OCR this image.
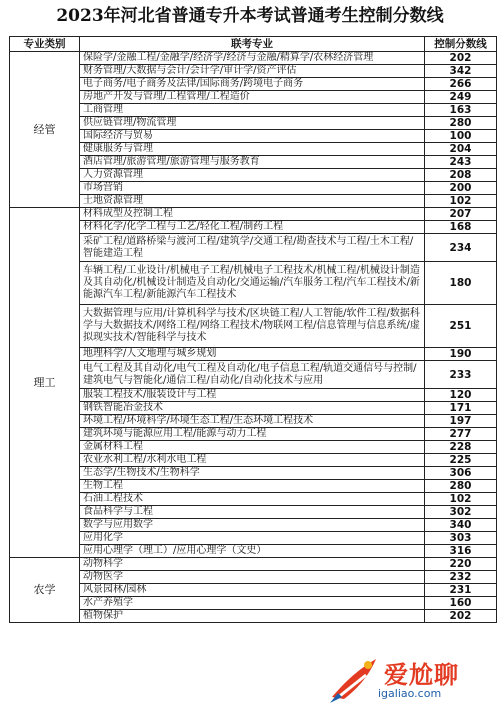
2023年河北省普通专升本考试普通考生控制分数线
专业类别	联考专业	控制分数线
经管	保险学/金融工程/金融学/经济学/经济与金融/精算学/农林经济管理	202
	财务管理/大数据与会计/会计学/审计学/资产评估	342
	电子商务/电子商务及法律/国际商务/跨境电子商务	266
	房地产开发与管理/工程管理/工程造价	249
	工商管理	163
	供应链管理/物流管理	280
	国际经济与贸易	100
	健康服务与管理	204
	酒店管理/旅游管理/旅游管理与服务教育	243
	人力资源管理	208
	市场营销	200
	土地资源管理	102
理工	材料成型及控制工程	207
	材料化学/化学工程与工艺/轻化工程/制药工程	168
	采矿工程/道路桥梁与渡河工程/建筑学/交通工程/勘查技术与工程/土木工程/智能建造工程	234
	车辆工程/工业设计/机械电子工程/机械电子工程技术/机械工程/机械设计制造及其自动化/机械设计制造及自动化/交通运输/汽车服务工程/汽车工程技术/新能源汽车工程/新能源汽车工程技术	180
	大数据管理与应用/计算机科学与技术/区块链工程/人工智能/软件工程/数据科学与大数据技术/网络工程/网络工程技术/物联网工程/信息管理与信息系统/虚拟现实技术/智能科学与技术	251
	地理科学/人文地理与城乡规划	190
	电气工程及其自动化/电气工程及自动化/电子信息工程/轨道交通信号与控制/建筑电气与智能化/通信工程/自动化/自动化技术与应用	233
	服装工程技术/服装设计与工程	120
	钢铁智能冶金技术	171
	环境工程/环境科学/环境生态工程/生态环境工程技术	197
	建筑环境与能源应用工程/能源与动力工程	277
	金属材料工程	228
	农业水利工程/水利水电工程	225
	生态学/生物技术/生物科学	306
	生物工程	280
	石油工程技术	102
	食品科学与工程	302
	数学与应用数学	340
	应用化学	303
	应用心理学（理工）/应用心理学（文史）	316
农学	动物科学	220
	动物医学	232
	风景园林/园林	231
	水产养殖学	160
	植物保护	202
爱尬聊
igaliao.com
